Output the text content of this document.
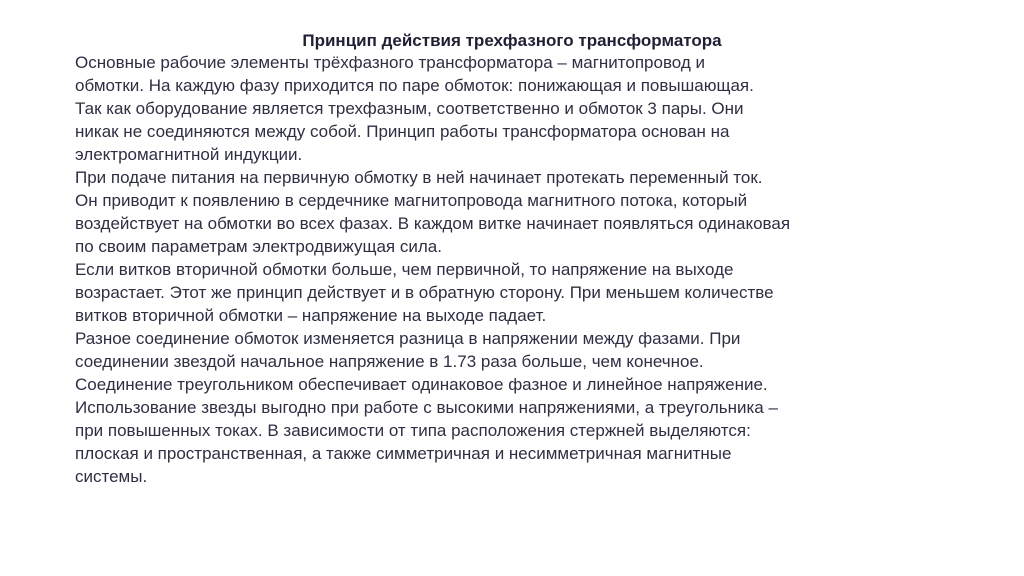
Принцип действия трехфазного трансформатора
Основные рабочие элементы трёхфазного трансформатора – магнитопровод и
обмотки. На каждую фазу приходится по паре обмоток: понижающая и повышающая.
Так как оборудование является трехфазным, соответственно и обмоток 3 пары. Они
никак не соединяются между собой. Принцип работы трансформатора основан на
электромагнитной индукции.
При подаче питания на первичную обмотку в ней начинает протекать переменный ток.
Он приводит к появлению в сердечнике магнитопровода магнитного потока, который
воздействует на обмотки во всех фазах. В каждом витке начинает появляться одинаковая
по своим параметрам электродвижущая сила.
Если витков вторичной обмотки больше, чем первичной, то напряжение на выходе
возрастает. Этот же принцип действует и в обратную сторону. При меньшем количестве
витков вторичной обмотки – напряжение на выходе падает.
Разное соединение обмоток изменяется разница в напряжении между фазами. При
соединении звездой начальное напряжение в 1.73 раза больше, чем конечное.
Соединение треугольником обеспечивает одинаковое фазное и линейное напряжение.
Использование звезды выгодно при работе с высокими напряжениями, а треугольника –
при повышенных токах. В зависимости от типа расположения стержней выделяются:
плоская и пространственная, а также симметричная и несимметричная магнитные
системы.
